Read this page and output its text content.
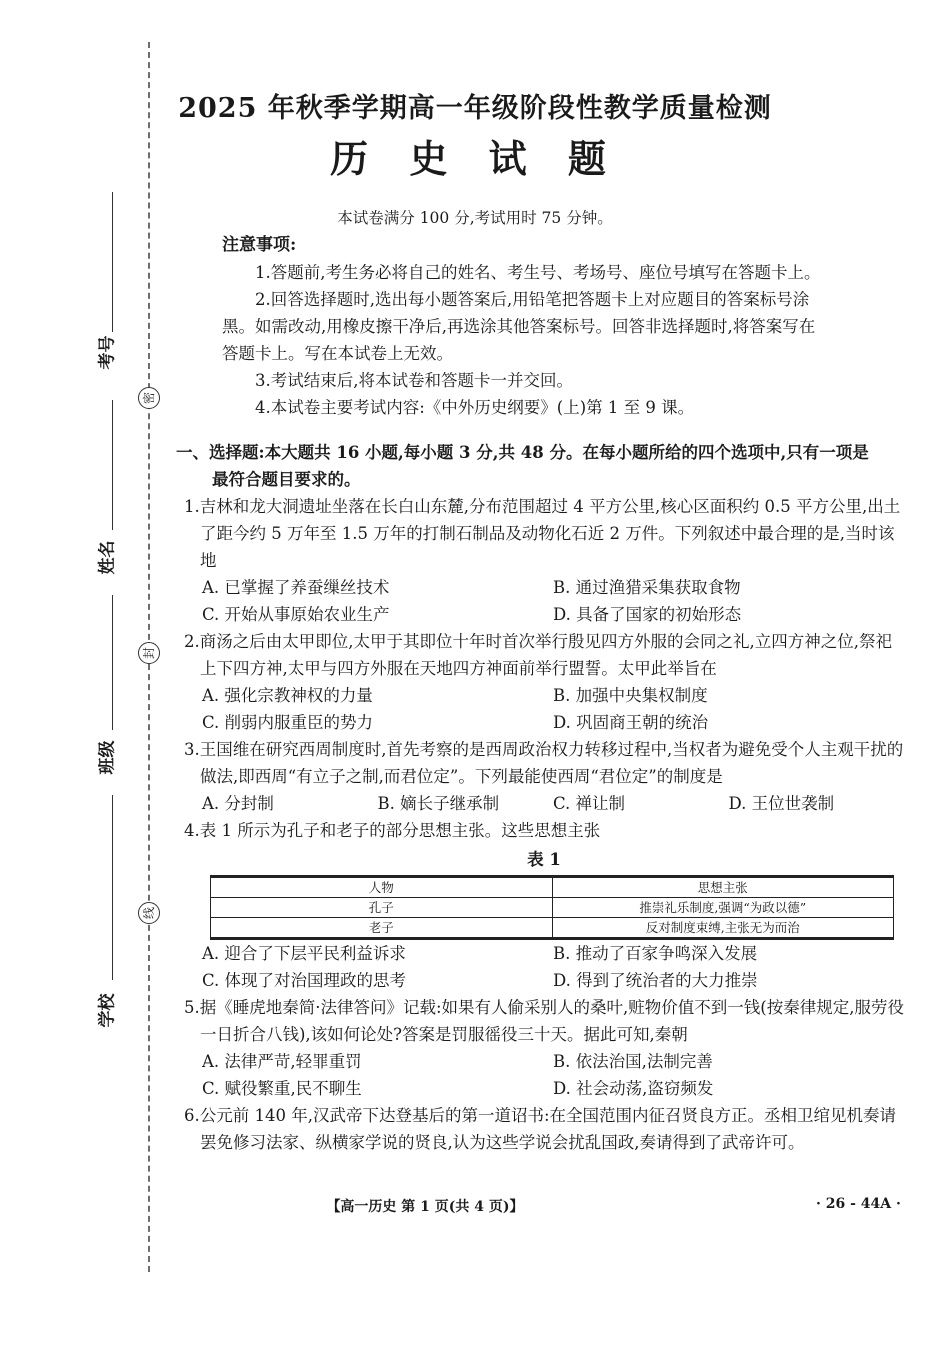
密
封
线
考号
姓名
班级
学校
2025 年秋季学期高一年级阶段性教学质量检测
历 史 试 题
本试卷满分 100 分,考试用时 75 分钟。
注意事项:

1.答题前,考生务必将自己的姓名、考生号、考场号、座位号填写在答题卡上。

2.回答选择题时,选出每小题答案后,用铅笔把答题卡上对应题目的答案标号涂

黑。如需改动,用橡皮擦干净后,再选涂其他答案标号。回答非选择题时,将答案写在

答题卡上。写在本试卷上无效。

3.考试结束后,将本试卷和答题卡一并交回。

4.本试卷主要考试内容:《中外历史纲要》(上)第 1 至 9 课。

一、选择题:本大题共 16 小题,每小题 3 分,共 48 分。在每小题所给的四个选项中,只有一项是
最符合题目要求的。

1.吉林和龙大洞遗址坐落在长白山东麓,分布范围超过 4 平方公里,核心区面积约 0.5 平方公里,出土了距今约 5 万年至 1.5 万年的打制石制品及动物化石近 2 万件。下列叙述中最合理的是,当时该地

A. 已掌握了养蚕缫丝技术	B. 通过渔猎采集获取食物
C. 开始从事原始农业生产	D. 具备了国家的初始形态

2.商汤之后由太甲即位,太甲于其即位十年时首次举行殷见四方外服的会同之礼,立四方神之位,祭祀上下四方神,太甲与四方外服在天地四方神面前举行盟誓。太甲此举旨在

A. 强化宗教神权的力量	B. 加强中央集权制度
C. 削弱内服重臣的势力	D. 巩固商王朝的统治

3.王国维在研究西周制度时,首先考察的是西周政治权力转移过程中,当权者为避免受个人主观干扰的做法,即西周“有立子之制,而君位定”。下列最能使西周“君位定”的制度是

A. 分封制	B. 嫡长子继承制	C. 禅让制	D. 王位世袭制

4.表 1 所示为孔子和老子的部分思想主张。这些思想主张

表 1
人物	思想主张
孔子	推崇礼乐制度,强调“为政以德”
老子	反对制度束缚,主张无为而治
A. 迎合了下层平民利益诉求	B. 推动了百家争鸣深入发展
C. 体现了对治国理政的思考	D. 得到了统治者的大力推崇

5.据《睡虎地秦简·法律答问》记载:如果有人偷采别人的桑叶,赃物价值不到一钱(按秦律规定,服劳役一日折合八钱),该如何论处?答案是罚服徭役三十天。据此可知,秦朝

A. 法律严苛,轻罪重罚	B. 依法治国,法制完善
C. 赋役繁重,民不聊生	D. 社会动荡,盗窃频发

6.公元前 140 年,汉武帝下达登基后的第一道诏书:在全国范围内征召贤良方正。丞相卫绾见机奏请罢免修习法家、纵横家学说的贤良,认为这些学说会扰乱国政,奏请得到了武帝许可。

【高一历史 第 1 页(共 4 页)】	· 26 - 44A ·
